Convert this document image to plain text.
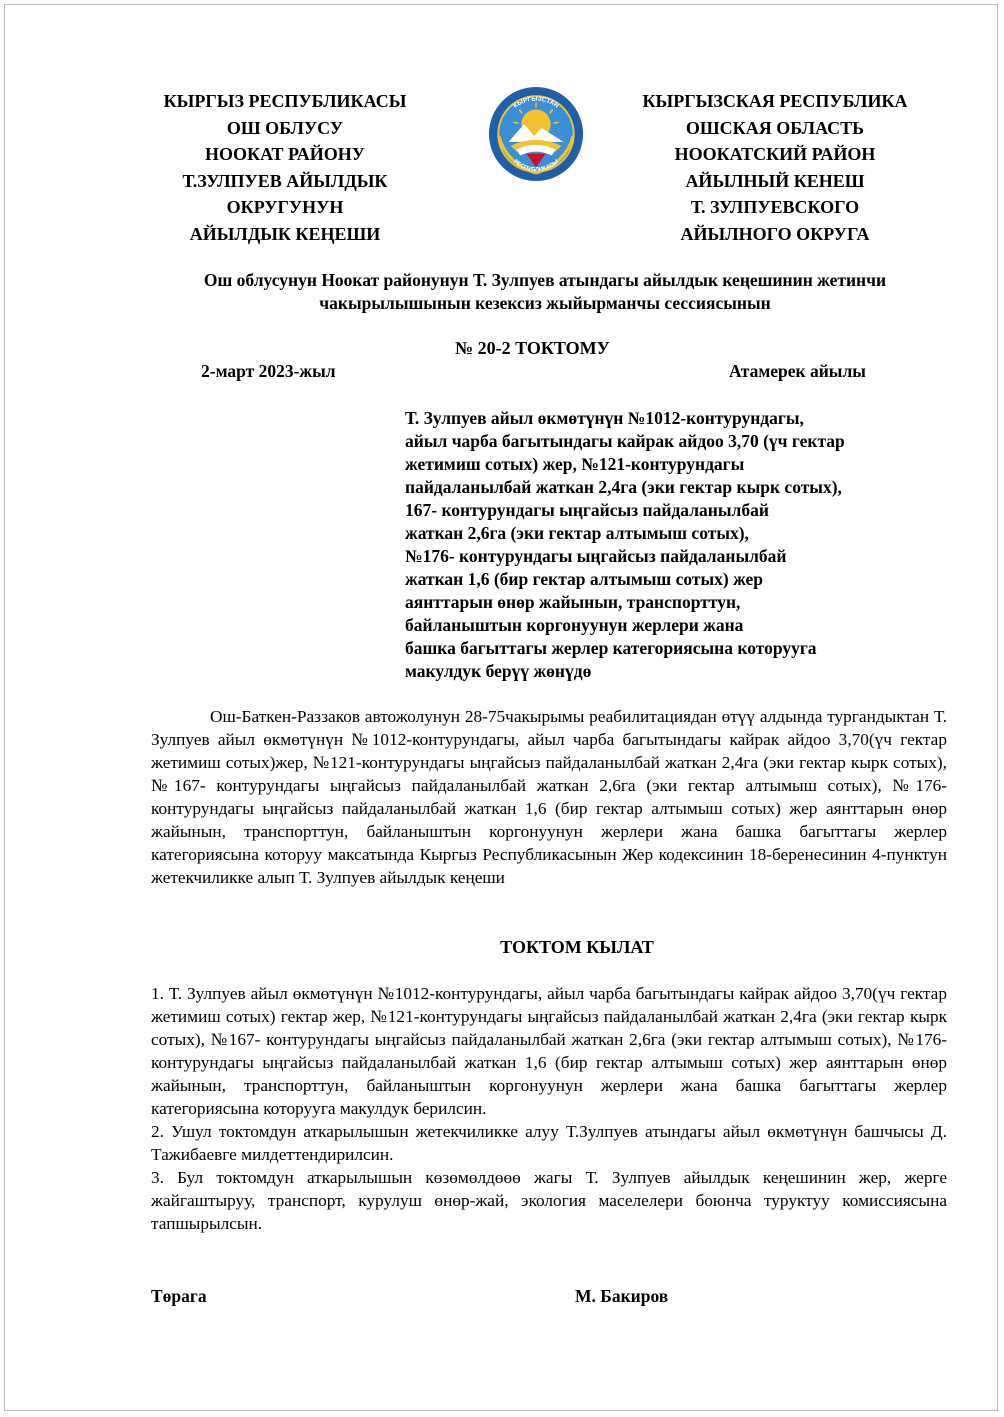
КЫРГЫЗ РЕСПУБЛИКАСЫ
ОШ ОБЛУСУ
НООКАТ РАЙОНУ
Т.ЗУЛПУЕВ АЙЫЛДЫК
ОКРУГУНУН
АЙЫЛДЫК КЕҢЕШИ
КЫРГЫЗСТАН
РЕСПУБЛИКАСЫ
КЫРГЫЗСКАЯ РЕСПУБЛИКА
ОШСКАЯ ОБЛАСТЬ
НООКАТСКИЙ РАЙОН
АЙЫЛНЫЙ КЕНЕШ
Т. ЗУЛПУЕВСКОГО
АЙЫЛНОГО ОКРУГА
Ош облусунун Ноокат районунун Т. Зулпуев атындагы айылдык кеңешинин жетинчи
чакырылышынын кезексиз жыйырманчы сессиясынын
№ 20-2 ТОКТОМУ
2-март 2023-жыл	Атамерек айылы
Т. Зулпуев айыл өкмөтүнүн №1012-контурундагы,
айыл чарба багытындагы кайрак айдоо 3,70 (үч гектар
жетимиш сотых) жер, №121-контурундагы
пайдаланылбай жаткан 2,4га (эки гектар кырк сотых),
167- контурундагы ыңгайсыз пайдаланылбай
жаткан 2,6га (эки гектар алтымыш сотых),
№176- контурундагы ыңгайсыз пайдаланылбай
жаткан 1,6 (бир гектар алтымыш сотых) жер
аянттарын өнөр жайынын, транспорттун,
байланыштын коргонуунун жерлери жана
башка багыттагы жерлер категориясына которууга
макулдук берүү жөнүдө
Ош-Баткен-Раззаков автожолунун 28-75чакырымы реабилитациядан өтүү алдында тургандыктан Т. Зулпуев айыл өкмөтүнүн №1012-контурундагы, айыл чарба багытындагы кайрак айдоо 3,70(үч гектар жетимиш сотых)жер, №121-контурундагы ыңгайсыз пайдаланылбай жаткан 2,4га (эки гектар кырк сотых), №167- контурундагы ыңгайсыз пайдаланылбай жаткан 2,6га (эки гектар алтымыш сотых), №176- контурундагы ыңгайсыз пайдаланылбай жаткан 1,6 (бир гектар алтымыш сотых) жер аянттарын өнөр жайынын, транспорттун, байланыштын коргонуунун жерлери жана башка багыттагы жерлер категориясына которуу максатында Кыргыз Республикасынын Жер кодексинин 18-беренесинин 4-пунктун жетекчиликке алып Т. Зулпуев айылдык кеңеши
ТОКТОМ КЫЛАТ

1. Т. Зулпуев айыл өкмөтүнүн №1012-контурундагы, айыл чарба багытындагы кайрак айдоо 3,70(үч гектар жетимиш сотых) гектар жер, №121-контурундагы ыңгайсыз пайдаланылбай жаткан 2,4га (эки гектар кырк сотых), №167- контурундагы ыңгайсыз пайдаланылбай жаткан 2,6га (эки гектар алтымыш сотых), №176- контурундагы ыңгайсыз пайдаланылбай жаткан 1,6 (бир гектар алтымыш сотых) жер аянттарын өнөр жайынын, транспорттун, байланыштын коргонуунун жерлери жана башка багыттагы жерлер категориясына которууга макулдук берилсин.

2. Ушул токтомдун аткарылышын жетекчиликке алуу Т.Зулпуев атындагы айыл өкмөтүнүн башчысы Д. Тажибаевге милдеттендирилсин.

3. Бул токтомдун аткарылышын көзөмөлдөөө жагы Т. Зулпуев айылдык кеңешинин жер, жерге жайгаштыруу, транспорт, курулуш өнөр-жай, экология маселелери боюнча туруктуу комиссиясына тапшырылсын.

Төрага	М. Бакиров
